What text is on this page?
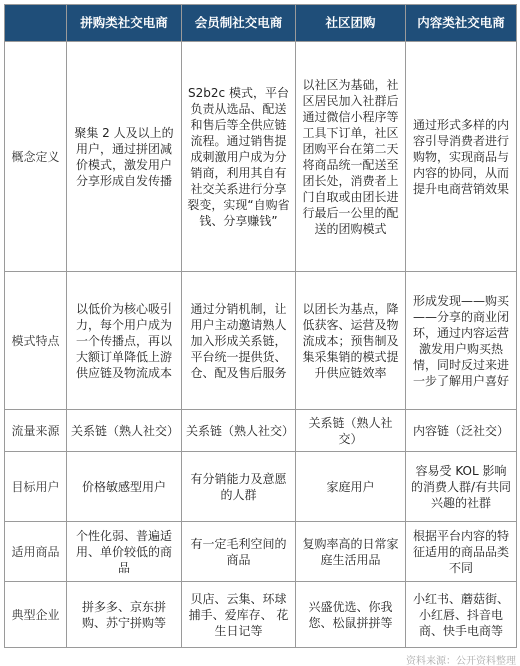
	拼购类社交电商	会员制社交电商	社区团购	内容类社交电商
概念定义	聚集 2 人及以上的用户，通过拼团减价模式，激发用户分享形成自发传播	S2b2c 模式，平台负责从选品、配送和售后等全供应链流程。通过销售提成刺激用户成为分销商，利用其自有社交关系进行分享裂变，实现“自购省钱、分享赚钱”	以社区为基础，社区居民加入社群后通过微信小程序等工具下订单，社区团购平台在第二天将商品统一配送至团长处，消费者上门自取或由团长进行最后一公里的配送的团购模式	通过形式多样的内容引导消费者进行购物，实现商品与内容的协同，从而提升电商营销效果
模式特点	以低价为核心吸引力，每个用户成为一个传播点，再以大额订单降低上游供应链及物流成本	通过分销机制，让用户主动邀请熟人加入形成关系链，平台统一提供货、仓、配及售后服务	以团长为基点，降低获客、运营及物流成本；预售制及集采集销的模式提升供应链效率	形成发现——购买——分享的商业闭环，通过内容运营激发用户购买热情，同时反过来进一步了解用户喜好
流量来源	关系链（熟人社交）	关系链（熟人社交）	关系链（熟人社交）	内容链（泛社交）
目标用户	价格敏感型用户	有分销能力及意愿的人群	家庭用户	容易受 KOL 影响的消费人群/有共同兴趣的社群
适用商品	个性化弱、普遍适用、单价较低的商品	有一定毛利空间的商品	复购率高的日常家庭生活用品	根据平台内容的特征适用的商品品类不同
典型企业	拼多多、京东拼购、苏宁拼购等	贝店、云集、环球捕手、爱库存、 花生日记等	兴盛优选、你我您、松鼠拼拼等	小红书、蘑菇街、小红唇、抖音电商、快手电商等
资料来源：公开资料整理
